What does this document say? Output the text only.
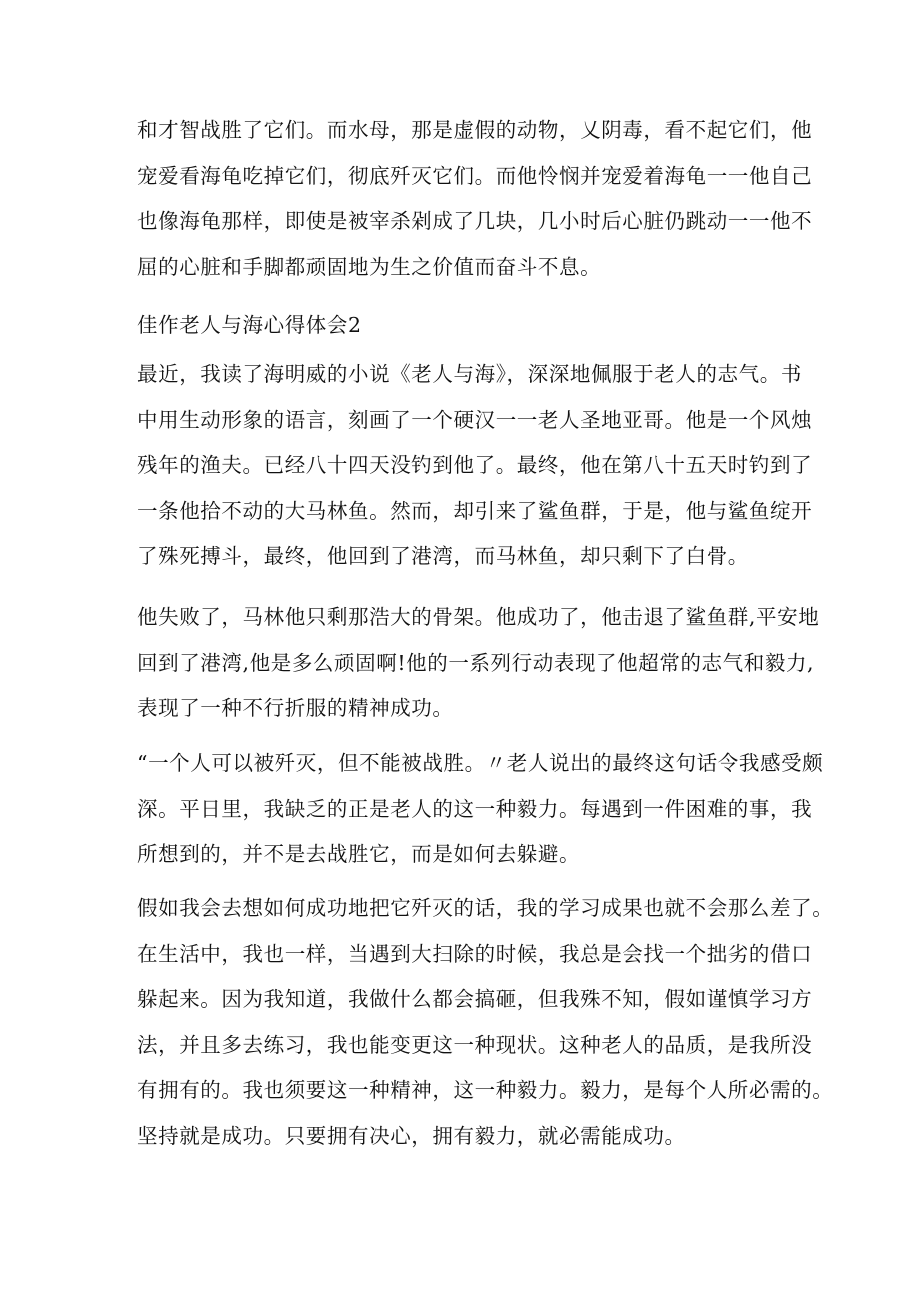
和才智战胜了它们。而水母，那是虚假的动物，乂阴毒，看不起它们，他
宠爱看海龟吃掉它们，彻底歼灭它们。而他怜悯并宠爱着海龟一一他自己
也像海龟那样，即使是被宰杀剁成了几块，几小时后心脏仍跳动一一他不
屈的心脏和手脚都顽固地为生之价值而奋斗不息。
佳作老人与海心得体会2
最近，我读了海明威的小说《老人与海》，深深地佩服于老人的志气。书
中用生动形象的语言，刻画了一个硬汉一一老人圣地亚哥。他是一个风烛
残年的渔夫。已经八十四天没钓到他了。最终，他在第八十五天时钓到了
一条他拾不动的大马林鱼。然而，却引来了鲨鱼群，于是，他与鲨鱼绽开
了殊死搏斗，最终，他回到了港湾，而马林鱼，却只剩下了白骨。
他失败了，马林他只剩那浩大的骨架。他成功了，他击退了鲨鱼群,平安地
回到了港湾,他是多么顽固啊!他的一系列行动表现了他超常的志气和毅力,
表现了一种不行折服的精神成功。
“一个人可以被歼灭，但不能被战胜。〃老人说出的最终这句话令我感受颇
深。平日里，我缺乏的正是老人的这一种毅力。每遇到一件困难的事，我
所想到的，并不是去战胜它，而是如何去躲避。
假如我会去想如何成功地把它歼灭的话，我的学习成果也就不会那么差了。
在生活中，我也一样，当遇到大扫除的时候，我总是会找一个拙劣的借口
躲起来。因为我知道，我做什么都会搞砸，但我殊不知，假如谨慎学习方
法，并且多去练习，我也能变更这一种现状。这种老人的品质，是我所没
有拥有的。我也须要这一种精神，这一种毅力。毅力，是每个人所必需的。
坚持就是成功。只要拥有决心，拥有毅力，就必需能成功。
